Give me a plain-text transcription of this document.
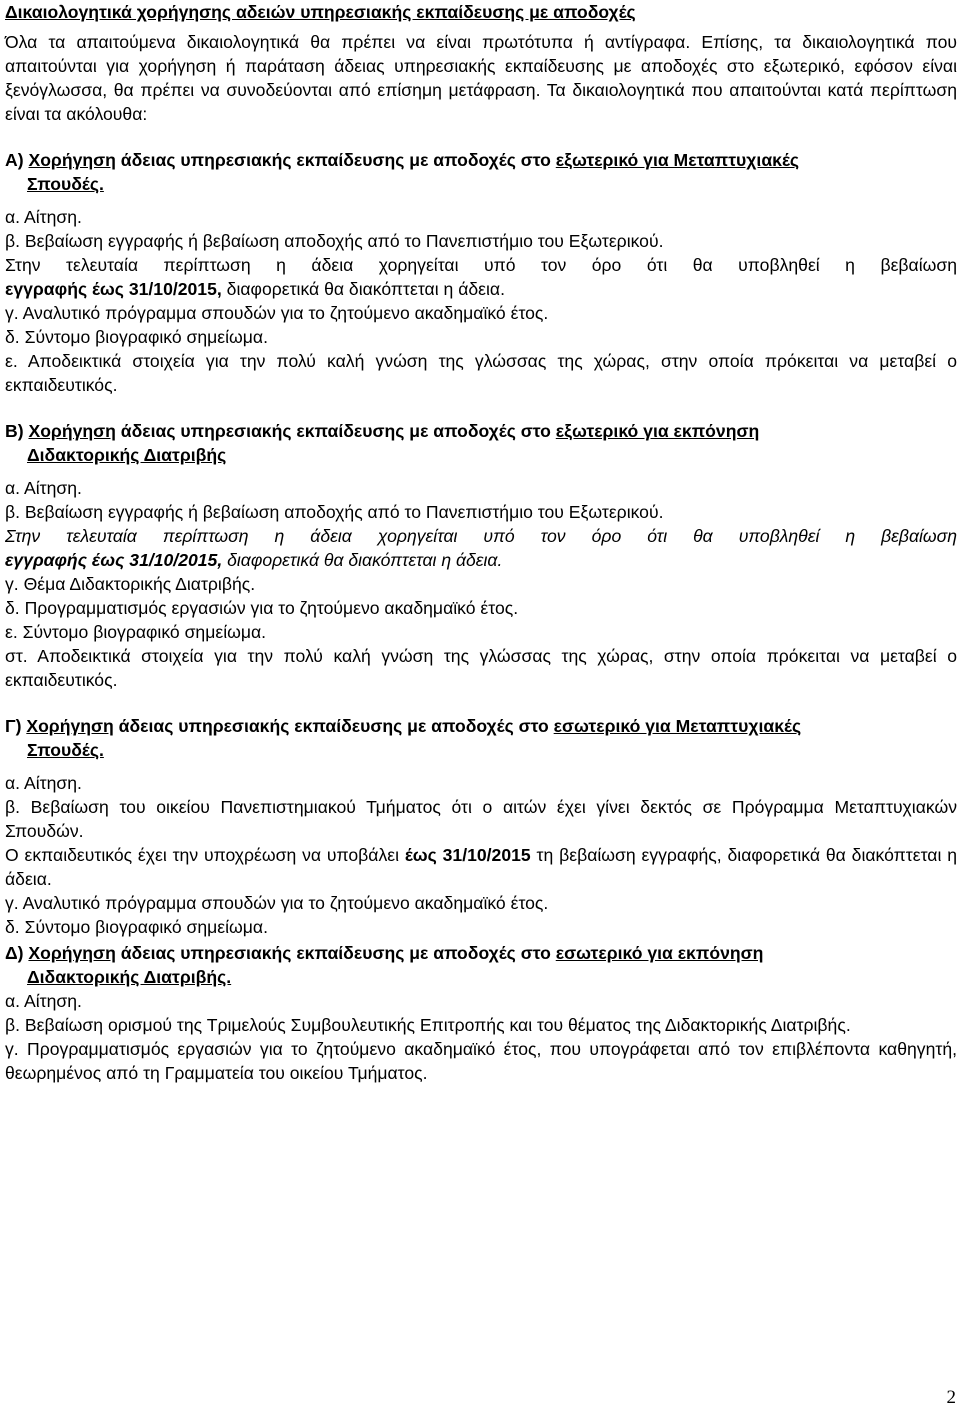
Δικαιολογητικά χορήγησης αδειών υπηρεσιακής εκπαίδευσης με αποδοχές

Όλα τα απαιτούμενα δικαιολογητικά θα πρέπει να είναι πρωτότυπα ή αντίγραφα. Επίσης, τα δικαιολογητικά που απαιτούνται για χορήγηση ή παράταση άδειας υπηρεσιακής εκπαίδευσης με αποδοχές στο εξωτερικό, εφόσον είναι ξενόγλωσσα, θα πρέπει να συνοδεύονται από επίσημη μετάφραση. Τα δικαιολογητικά που απαιτούνται κατά περίπτωση είναι τα ακόλουθα:

Α) Χορήγηση άδειας υπηρεσιακής εκπαίδευσης με αποδοχές στο εξωτερικό για Μεταπτυχιακές
Σπουδές.

α. Αίτηση.

β. Βεβαίωση εγγραφής ή βεβαίωση αποδοχής από το Πανεπιστήμιο του Εξωτερικού.

Στην τελευταία περίπτωση η άδεια χορηγείται υπό τον όρο ότι θα υποβληθεί η βεβαίωση
εγγραφής έως 31/10/2015, διαφορετικά θα διακόπτεται η άδεια.

γ. Αναλυτικό πρόγραμμα σπουδών για το ζητούμενο ακαδημαϊκό έτος.

δ. Σύντομο βιογραφικό σημείωμα.

ε. Αποδεικτικά στοιχεία για την πολύ καλή γνώση της γλώσσας της χώρας, στην οποία πρόκειται να μεταβεί ο εκπαιδευτικός.

Β) Χορήγηση άδειας υπηρεσιακής εκπαίδευσης με αποδοχές στο εξωτερικό για εκπόνηση
Διδακτορικής Διατριβής

α. Αίτηση.

β. Βεβαίωση εγγραφής ή βεβαίωση αποδοχής από το Πανεπιστήμιο του Εξωτερικού.

Στην τελευταία περίπτωση η άδεια χορηγείται υπό τον όρο ότι θα υποβληθεί η βεβαίωση
εγγραφής έως 31/10/2015, διαφορετικά θα διακόπτεται η άδεια.

γ. Θέμα Διδακτορικής Διατριβής.

δ. Προγραμματισμός εργασιών για το ζητούμενο ακαδημαϊκό έτος.

ε. Σύντομο βιογραφικό σημείωμα.

στ. Αποδεικτικά στοιχεία για την πολύ καλή γνώση της γλώσσας της χώρας, στην οποία πρόκειται να μεταβεί ο εκπαιδευτικός.

Γ) Χορήγηση άδειας υπηρεσιακής εκπαίδευσης με αποδοχές στο εσωτερικό για Μεταπτυχιακές
Σπουδές.

α. Αίτηση.

β. Βεβαίωση του οικείου Πανεπιστημιακού Τμήματος ότι ο αιτών έχει γίνει δεκτός σε Πρόγραμμα Μεταπτυχιακών Σπουδών.

Ο εκπαιδευτικός έχει την υποχρέωση να υποβάλει έως 31/10/2015 τη βεβαίωση εγγραφής, διαφορετικά θα διακόπτεται η άδεια.

γ. Αναλυτικό πρόγραμμα σπουδών για το ζητούμενο ακαδημαϊκό έτος.

δ. Σύντομο βιογραφικό σημείωμα.

Δ) Χορήγηση άδειας υπηρεσιακής εκπαίδευσης με αποδοχές στο εσωτερικό για εκπόνηση
Διδακτορικής Διατριβής.

α. Αίτηση.

β. Βεβαίωση ορισμού της Τριμελούς Συμβουλευτικής Επιτροπής και του θέματος της Διδακτορικής Διατριβής.

γ. Προγραμματισμός εργασιών για το ζητούμενο ακαδημαϊκό έτος, που υπογράφεται από τον επιβλέποντα καθηγητή, θεωρημένος από τη Γραμματεία του οικείου Τμήματος.

2
